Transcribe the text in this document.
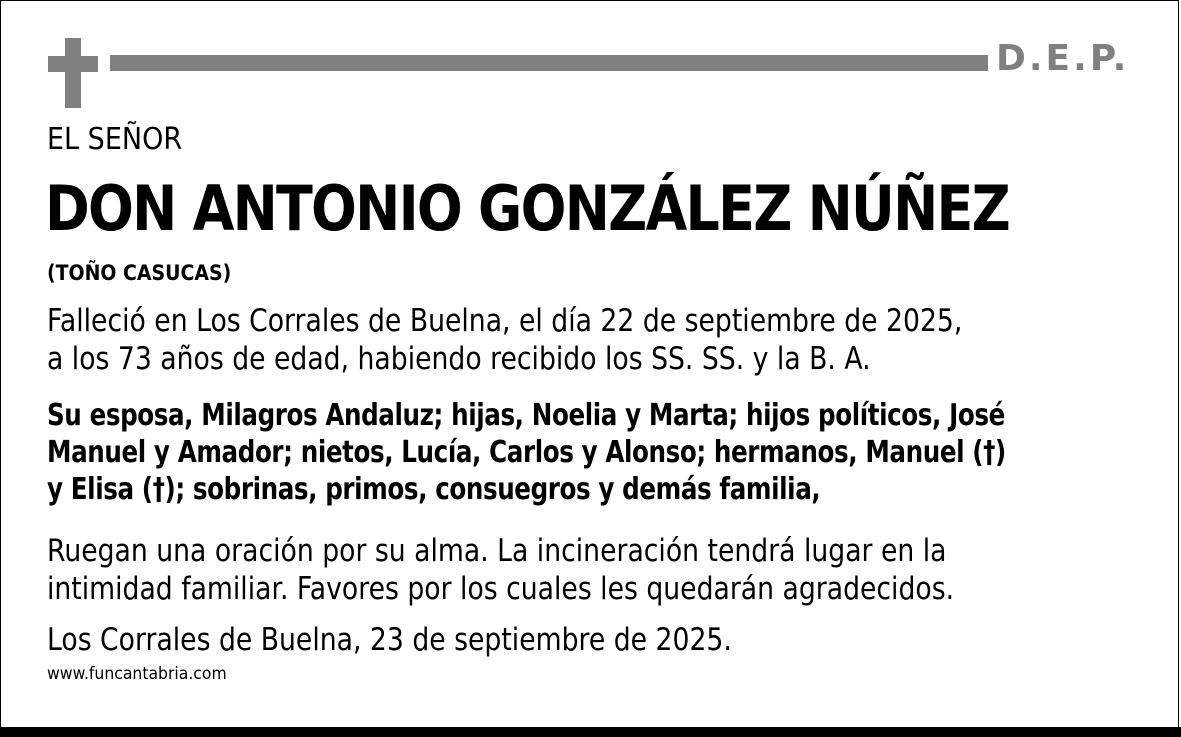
D.E.P.
EL SEÑOR
DON ANTONIO GONZÁLEZ NÚÑEZ
(TOÑO CASUCAS)

Falleció en Los Corrales de Buelna, el día 22 de septiembre de 2025,
a los 73 años de edad, habiendo recibido los SS. SS. y la B. A.

Su esposa, Milagros Andaluz; hijas, Noelia y Marta; hijos políticos, José
Manuel y Amador; nietos, Lucía, Carlos y Alonso; hermanos, Manuel (†)
y Elisa (†); sobrinas, primos, consuegros y demás familia,

Ruegan una oración por su alma. La incineración tendrá lugar en la
intimidad familiar. Favores por los cuales les quedarán agradecidos.

Los Corrales de Buelna, 23 de septiembre de 2025.

www.funcantabria.com
